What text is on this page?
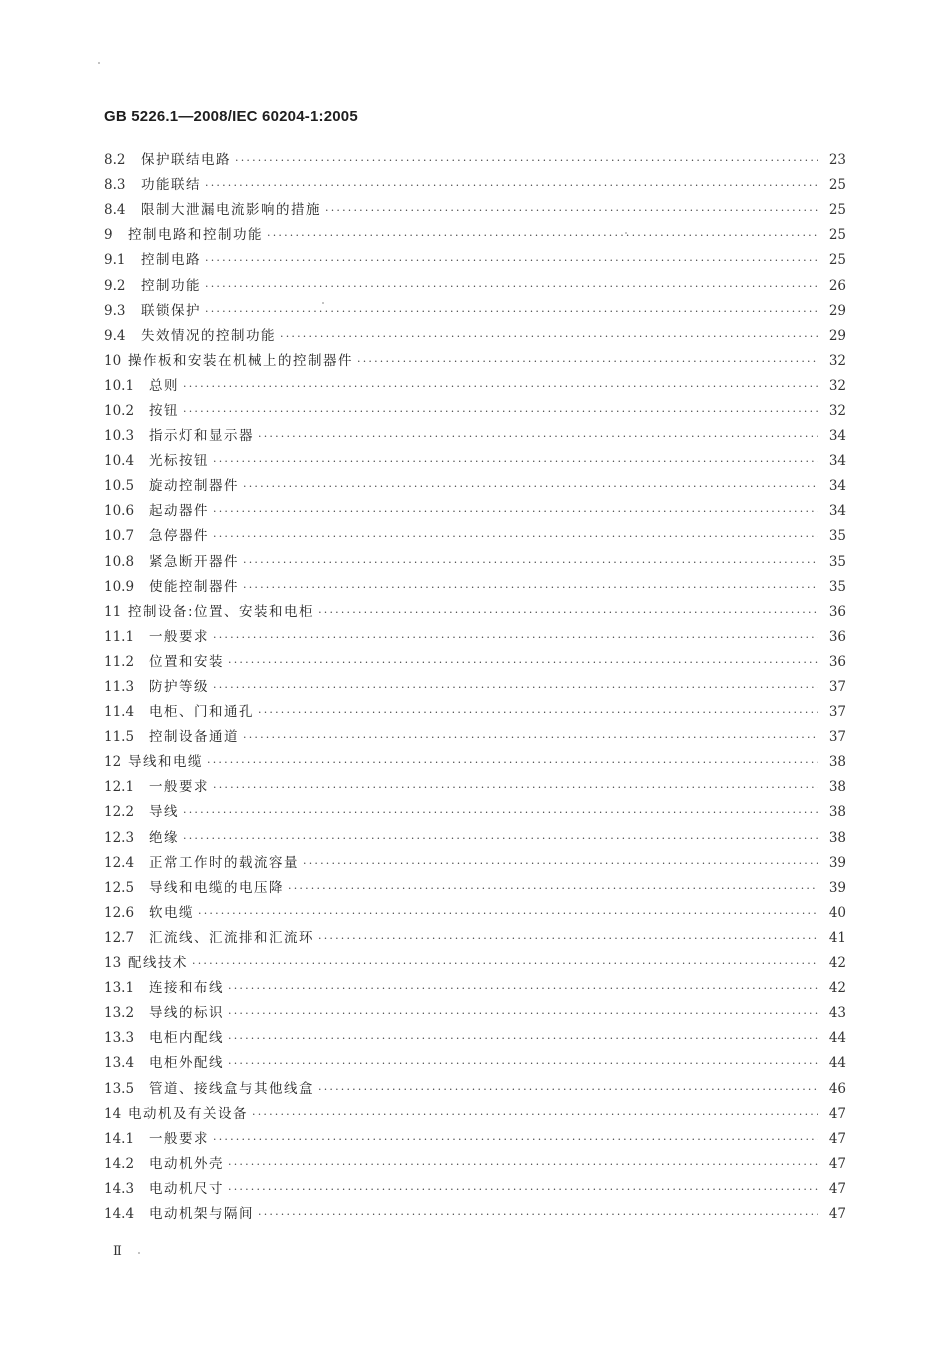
GB 5226.1—2008/IEC 60204-1:2005
8.2	保护联结电路 ·····	23
8.3	功能联结 ·····	25
8.4	限制大泄漏电流影响的措施 ·····	25
9	控制电路和控制功能 ·····	25
9.1	控制电路 ·····	25
9.2	控制功能 ·····	26
9.3	联锁保护 ·····	29
9.4	失效情况的控制功能 ·····	29
10 操作板和安装在机械上的控制器件 ·····	32
10.1	总则 ·····	32
10.2	按钮 ·····	32
10.3	指示灯和显示器 ·····	34
10.4	光标按钮 ·····	34
10.5	旋动控制器件 ·····	34
10.6	起动器件 ·····	34
10.7	急停器件 ·····	35
10.8	紧急断开器件 ·····	35
10.9	使能控制器件 ·····	35
11 控制设备:位置、安装和电柜 ·····	36
11.1	一般要求 ·····	36
11.2	位置和安装 ·····	36
11.3	防护等级 ·····	37
11.4	电柜、门和通孔 ·····	37
11.5	控制设备通道 ·····	37
12 导线和电缆 ·····	38
12.1	一般要求 ·····	38
12.2	导线 ·····	38
12.3	绝缘 ·····	38
12.4	正常工作时的载流容量 ·····	39
12.5	导线和电缆的电压降 ·····	39
12.6	软电缆 ·····	40
12.7	汇流线、汇流排和汇流环 ·····	41
13 配线技术 ·····	42
13.1	连接和布线 ·····	42
13.2	导线的标识 ·····	43
13.3	电柜内配线 ·····	44
13.4	电柜外配线 ·····	44
13.5	管道、接线盒与其他线盒 ·····	46
14 电动机及有关设备 ·····	47
14.1	一般要求 ·····	47
14.2	电动机外壳 ·····	47
14.3	电动机尺寸 ·····	47
14.4	电动机架与隔间 ·····	47
Ⅱ
